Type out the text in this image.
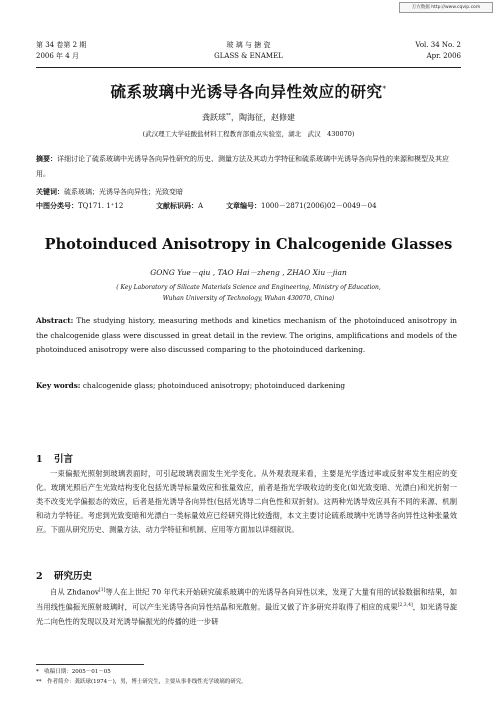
万方数据 http://www.cqvip.com
第 34 卷第 2 期
2006 年 4 月
玻 璃 与 搪 瓷
GLASS & ENAMEL
Vol. 34 No. 2
Apr. 2006
硫系玻璃中光诱导各向异性效应的研究*
龚跃球**，陶海征，赵修建
(武汉理工大学硅酸盐材料工程教育部重点实验室，湖北　武汉　430070)
摘要：详细讨论了硫系玻璃中光诱导各向异性研究的历史、测量方法及其动力学特征和硫系玻璃中光诱导各向异性的来源和模型及其应用。
关键词：硫系玻璃；光诱导各向异性；光致变暗
中图分类号：TQ171. 1⁺12	文献标识码：A	文章编号：1000－2871(2006)02－0049－04
Photoinduced Anisotropy in Chalcogenide Glasses
GONG Yue－qiu , TAO Hai－zheng , ZHAO Xiu－jian
( Key Laboratory of Silicate Materials Science and Engineering, Ministry of Education,
Wuhan University of Technology, Wuhan 430070, China)
Abstract: The studying history, measuring methods and kinetics mechanism of the photoinduced anisotropy in the chalcogenide glass were discussed in great detail in the review. The origins, amplifications and models of the photoinduced anisotropy were also discussed comparing to the photoinduced darkening.
Key words: chalcogenide glass; photoinduced anisotropy; photoinduced darkening
1 引言
一束偏振光照射到玻璃表面时，可引起玻璃表面发生光学变化。从外观表现来看，主要是光学透过率或反射率发生相应的变化。玻璃光照后产生光致结构变化包括光诱导标量效应和张量效应，前者是指光学吸收边的变化(如光致变暗、光漂白)和光折射一类不改变光学偏振态的效应，后者是指光诱导各向异性(包括光诱导二向色性和双折射)。这两种光诱导效应具有不同的来源、机制和动力学特征。考虑到光致变暗和光漂白一类标量效应已经研究得比较透彻，本文主要讨论硫系玻璃中光诱导各向异性这种张量效应。下面从研究历史、测量方法、动力学特征和机制、应用等方面加以详细叙说。
2 研究历史
自从 Zhdanov[1]等人在上世纪 70 年代末开始研究硫系玻璃中的光诱导各向异性以来，发现了大量有用的试验数据和结果，如当用线性偏振光照射玻璃时，可以产生光诱导各向异性结晶和光散射。最近又做了许多研究并取得了相应的成果[2,3,4]，如光诱导旋光二向色性的发现以及对光诱导偏振光的传播的进一步研
*　收稿日期：2005－01－05
**　作者简介：龚跃球(1974－)，男，博士研究生，主要从事非线性光学玻璃的研究。
